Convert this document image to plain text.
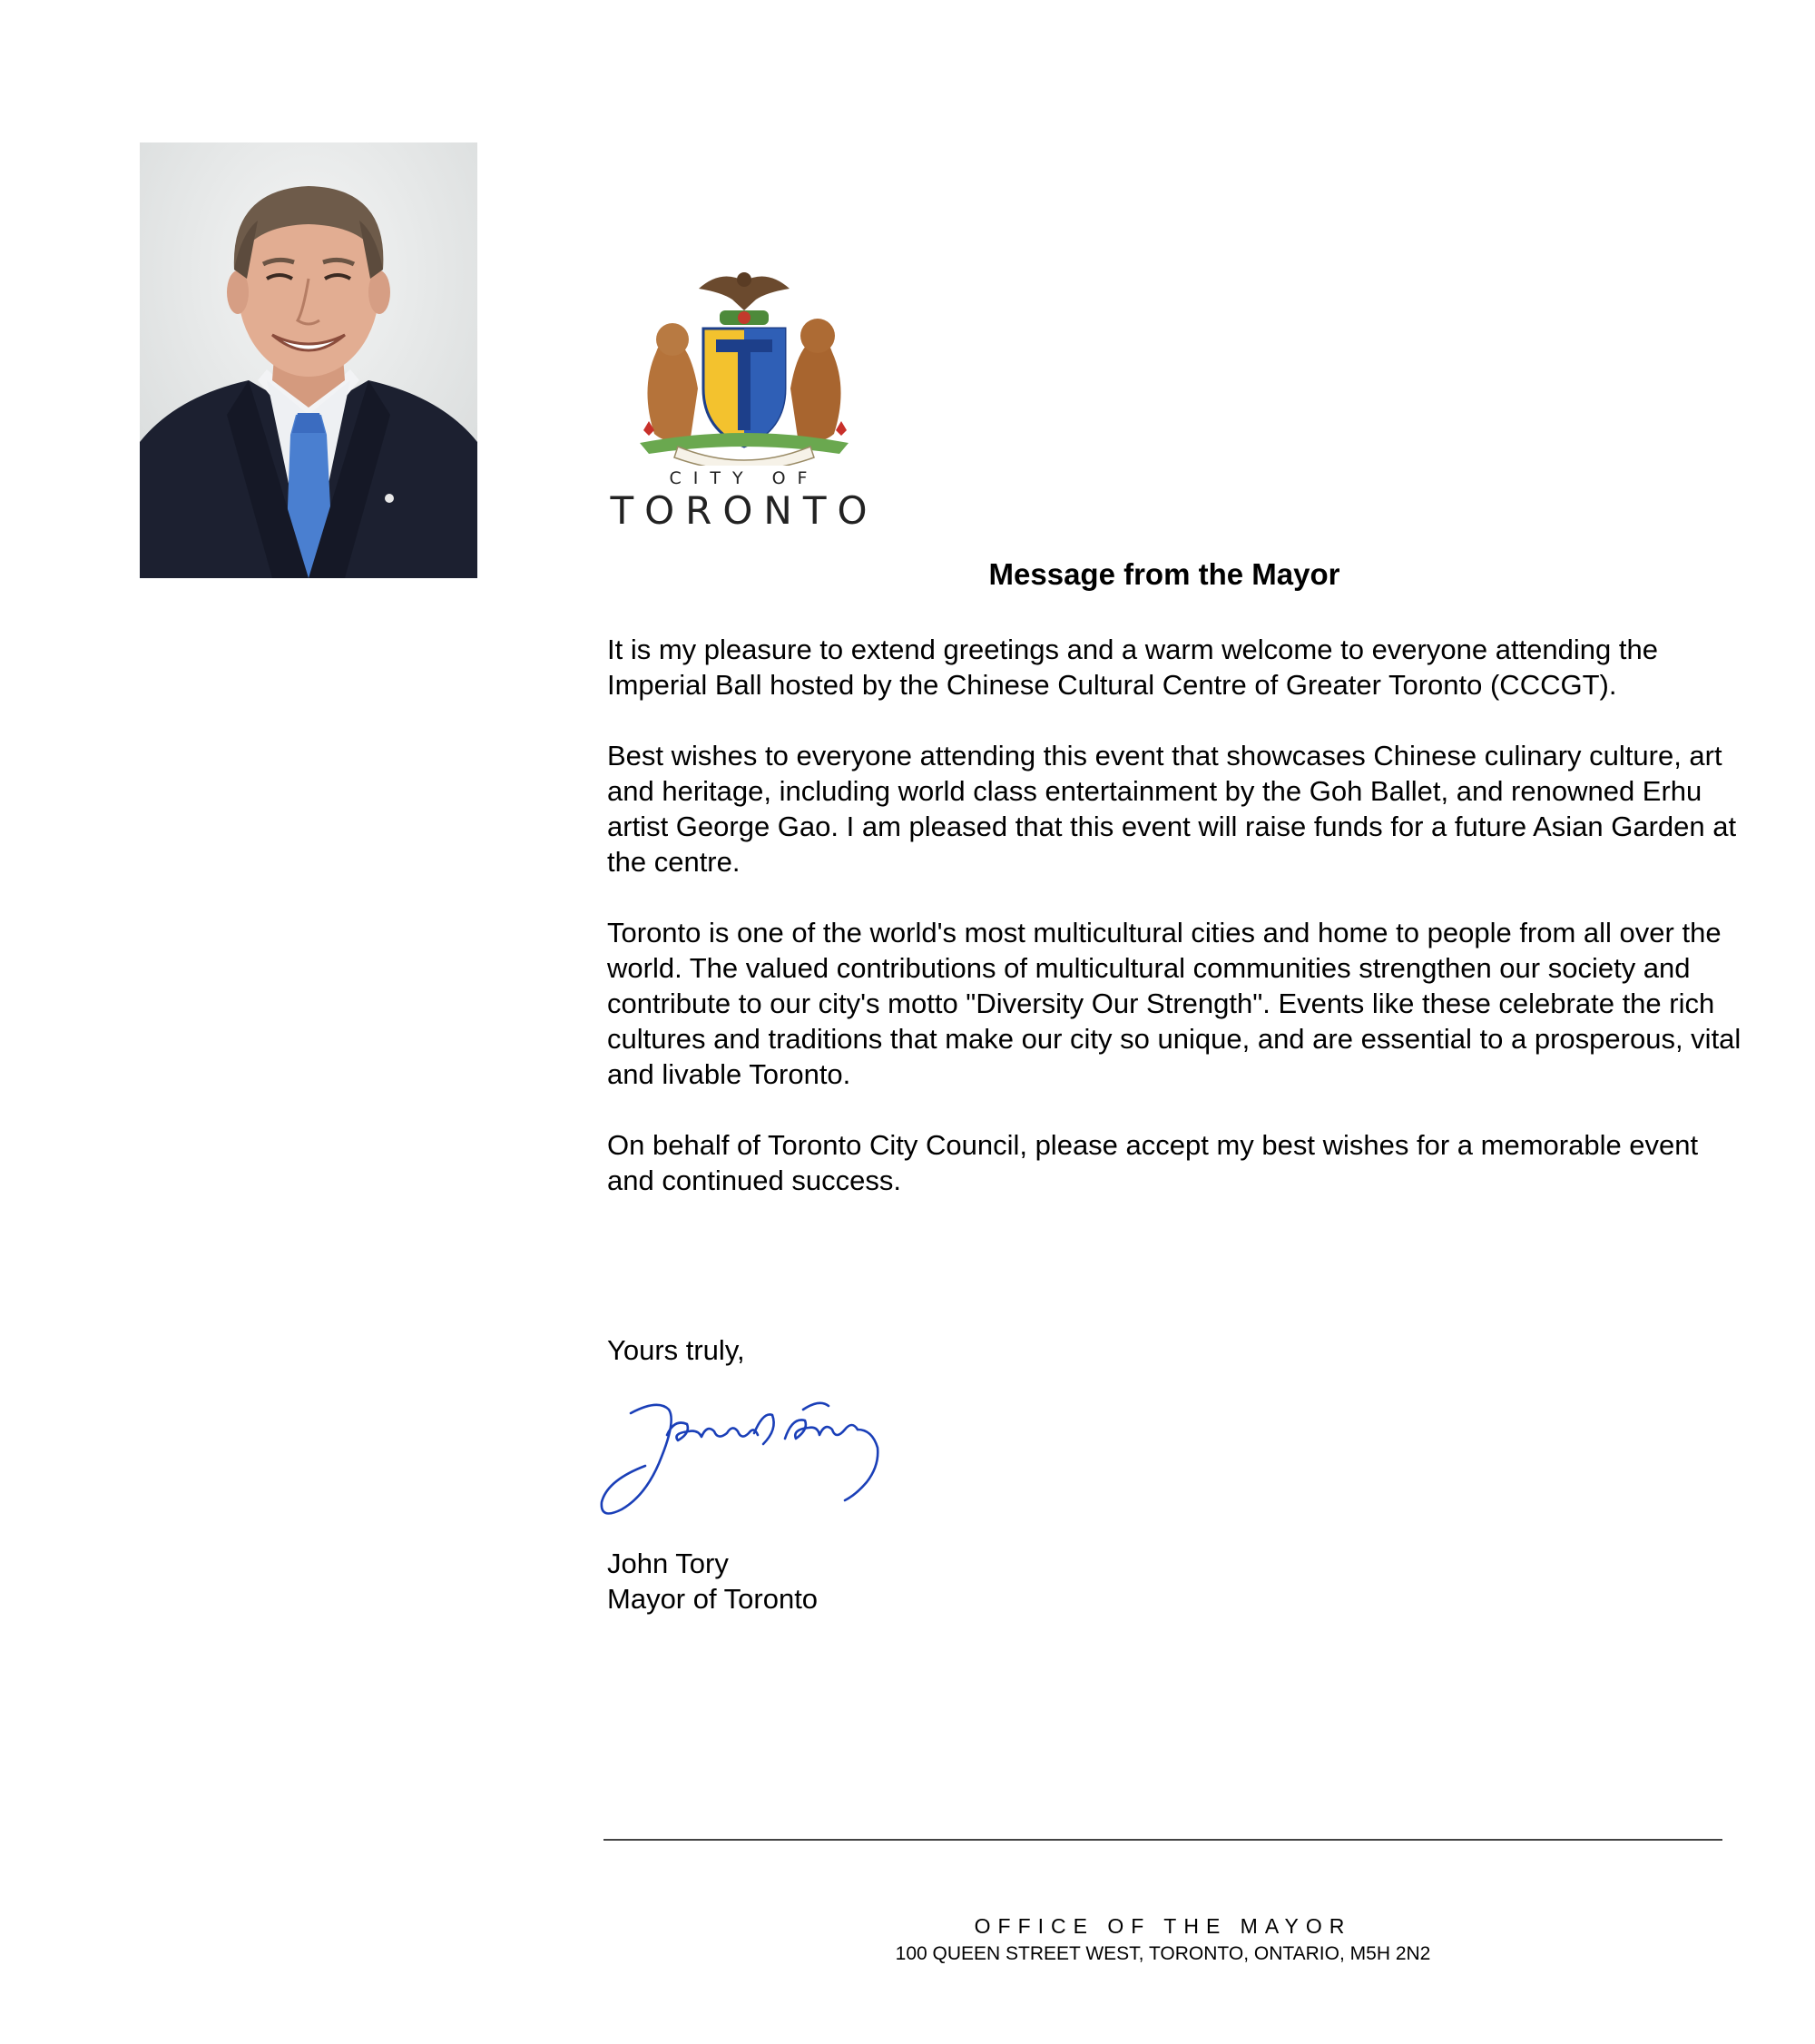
CITY OF
TORONTO
Message from the Mayor

It is my pleasure to extend greetings and a warm welcome to everyone attending the Imperial Ball hosted by the Chinese Cultural Centre of Greater Toronto (CCCGT).

Best wishes to everyone attending this event that showcases Chinese culinary culture, art and heritage, including world class entertainment by the Goh Ballet, and renowned Erhu artist George Gao. I am pleased that this event will raise funds for a future Asian Garden at the centre.

Toronto is one of the world's most multicultural cities and home to people from all over the world. The valued contributions of multicultural communities strengthen our society and contribute to our city's motto "Diversity Our Strength". Events like these celebrate the rich cultures and traditions that make our city so unique, and are essential to a prosperous, vital and livable Toronto.

On behalf of Toronto City Council, please accept my best wishes for a memorable event and continued success.

Yours truly,
John Tory
Mayor of Toronto
OFFICE OF THE MAYOR
100 QUEEN STREET WEST, TORONTO, ONTARIO, M5H 2N2
